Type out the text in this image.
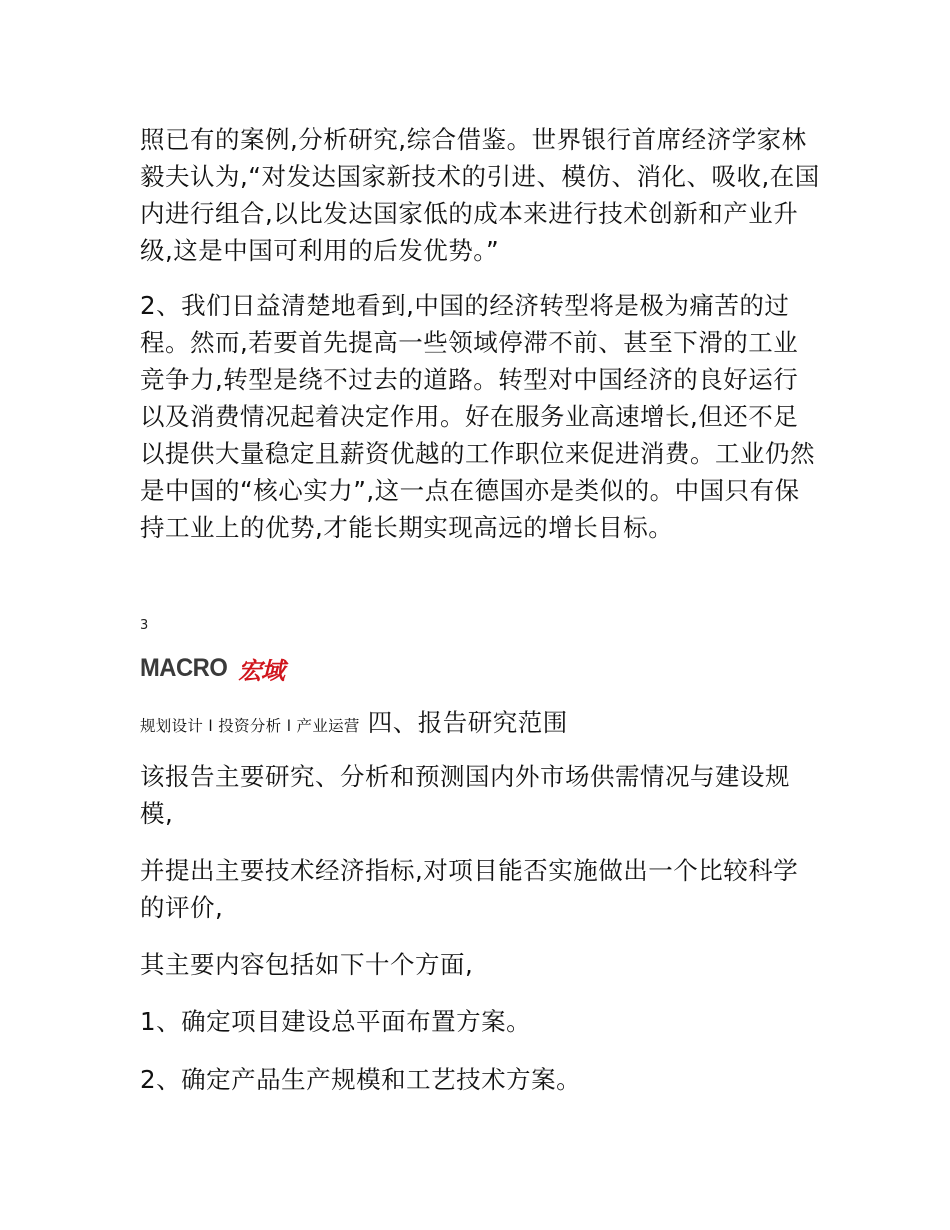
照已有的案例,分析研究,综合借鉴。世界银行首席经济学家林毅夫认为,“对发达国家新技术的引进、模仿、消化、吸收,在国内进行组合,以比发达国家低的成本来进行技术创新和产业升级,这是中国可利用的后发优势。”

2、我们日益清楚地看到,中国的经济转型将是极为痛苦的过程。然而,若要首先提高一些领域停滞不前、甚至下滑的工业竞争力,转型是绕不过去的道路。转型对中国经济的良好运行以及消费情况起着决定作用。好在服务业高速增长,但还不足以提供大量稳定且薪资优越的工作职位来促进消费。工业仍然是中国的“核心实力”,这一点在德国亦是类似的。中国只有保持工业上的优势,才能长期实现高远的增长目标。

3

MACRO 宏域
规划设计 l 投资分析 l 产业运营 四、报告研究范围

该报告主要研究、分析和预测国内外市场供需情况与建设规模,

并提出主要技术经济指标,对项目能否实施做出一个比较科学的评价,

其主要内容包括如下十个方面,

1、确定项目建设总平面布置方案。

2、确定产品生产规模和工艺技术方案。
